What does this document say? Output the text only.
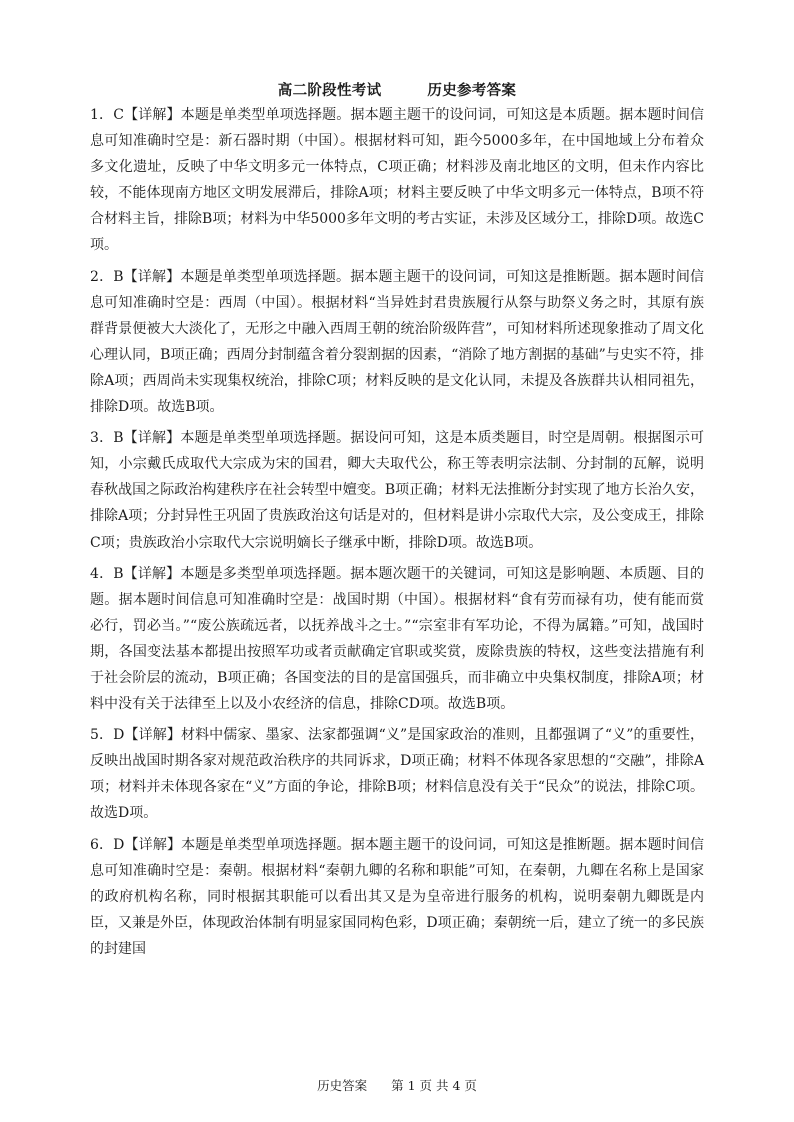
高二阶段性考试	历史参考答案

1．C【详解】本题是单类型单项选择题。据本题主题干的设问词，可知这是本质题。据本题时间信息可知准确时空是：新石器时期（中国）。根据材料可知，距今5000多年，在中国地域上分布着众多文化遗址，反映了中华文明多元一体特点，C项正确；材料涉及南北地区的文明，但未作内容比较，不能体现南方地区文明发展滞后，排除A项；材料主要反映了中华文明多元一体特点，B项不符合材料主旨，排除B项；材料为中华5000多年文明的考古实证，未涉及区域分工，排除D项。故选C项。

2．B【详解】本题是单类型单项选择题。据本题主题干的设问词，可知这是推断题。据本题时间信息可知准确时空是：西周（中国）。根据材料“当异姓封君贵族履行从祭与助祭义务之时，其原有族群背景便被大大淡化了，无形之中融入西周王朝的统治阶级阵营”，可知材料所述现象推动了周文化心理认同，B项正确；西周分封制蕴含着分裂割据的因素，“消除了地方割据的基础”与史实不符，排除A项；西周尚未实现集权统治，排除C项；材料反映的是文化认同，未提及各族群共认相同祖先，排除D项。故选B项。

3．B【详解】本题是单类型单项选择题。据设问可知，这是本质类题目，时空是周朝。根据图示可知，小宗戴氏成取代大宗成为宋的国君，卿大夫取代公，称王等表明宗法制、分封制的瓦解，说明春秋战国之际政治构建秩序在社会转型中嬗变。B项正确；材料无法推断分封实现了地方长治久安，排除A项；分封异性王巩固了贵族政治这句话是对的，但材料是讲小宗取代大宗，及公变成王，排除C项；贵族政治小宗取代大宗说明嫡长子继承中断，排除D项。故选B项。

4．B【详解】本题是多类型单项选择题。据本题次题干的关键词，可知这是影响题、本质题、目的题。据本题时间信息可知准确时空是：战国时期（中国）。根据材料“食有劳而禄有功，使有能而赏必行，罚必当。”“废公族疏远者，以抚养战斗之士。”“宗室非有军功论，不得为属籍。”可知，战国时期，各国变法基本都提出按照军功或者贡献确定官职或奖赏，废除贵族的特权，这些变法措施有利于社会阶层的流动，B项正确；各国变法的目的是富国强兵，而非确立中央集权制度，排除A项；材料中没有关于法律至上以及小农经济的信息，排除CD项。故选B项。

5．D【详解】材料中儒家、墨家、法家都强调“义”是国家政治的准则，且都强调了“义”的重要性，反映出战国时期各家对规范政治秩序的共同诉求，D项正确；材料不体现各家思想的“交融”，排除A项；材料并未体现各家在“义”方面的争论，排除B项；材料信息没有关于“民众”的说法，排除C项。故选D项。

6．D【详解】本题是单类型单项选择题。据本题主题干的设问词，可知这是推断题。据本题时间信息可知准确时空是：秦朝。根据材料“秦朝九卿的名称和职能”可知，在秦朝，九卿在名称上是国家的政府机构名称，同时根据其职能可以看出其又是为皇帝进行服务的机构，说明秦朝九卿既是内臣，又兼是外臣，体现政治体制有明显家国同构色彩，D项正确；秦朝统一后，建立了统一的多民族的封建国

历史答案 第 1 页 共 4 页
